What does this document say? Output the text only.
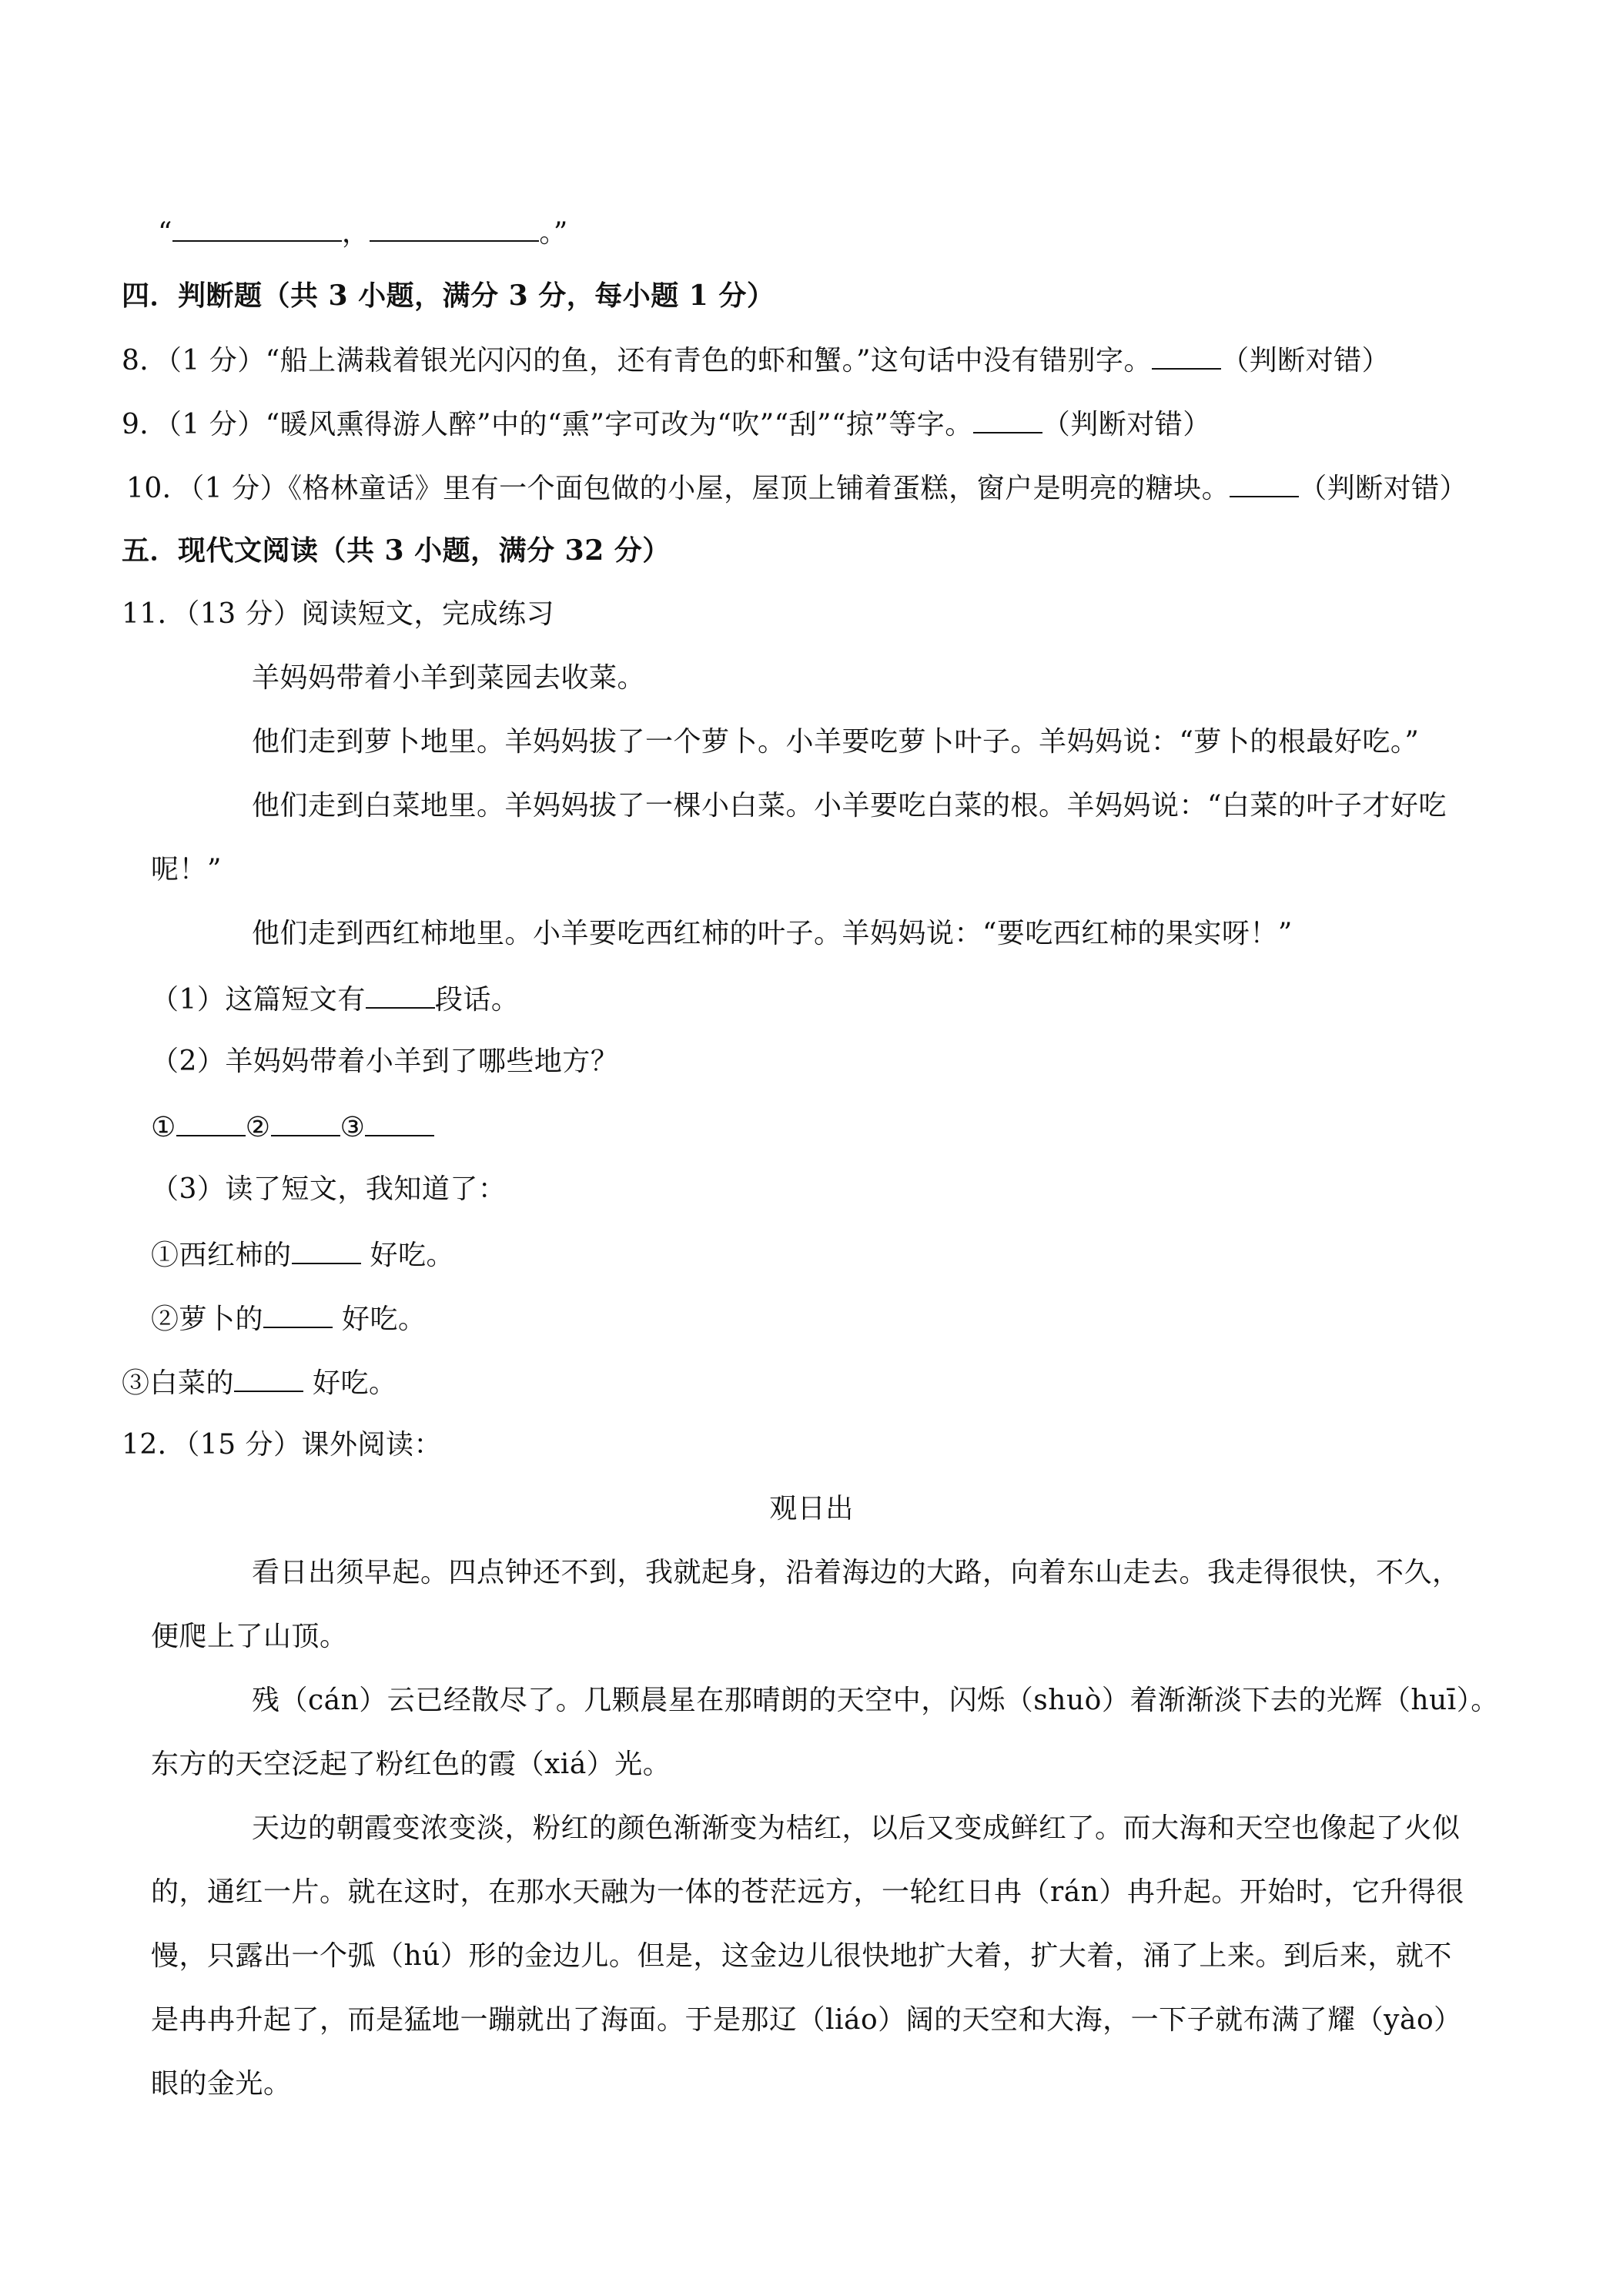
“	，	。”
四．判断题（共 3 小题，满分 3 分，每小题 1 分）
8．（1 分）“船上满栽着银光闪闪的鱼，还有青色的虾和蟹。”这句话中没有错别字。	（判断对错）
9．（1 分）“暖风熏得游人醉”中的“熏”字可改为“吹”“刮”“掠”等字。	（判断对错）
10．（1 分）《格林童话》里有一个面包做的小屋，屋顶上铺着蛋糕，窗户是明亮的糖块。	（判断对错）
五．现代文阅读（共 3 小题，满分 32 分）
11．（13 分）阅读短文，完成练习
羊妈妈带着小羊到菜园去收菜。
他们走到萝卜地里。羊妈妈拔了一个萝卜。小羊要吃萝卜叶子。羊妈妈说：“萝卜的根最好吃。”
他们走到白菜地里。羊妈妈拔了一棵小白菜。小羊要吃白菜的根。羊妈妈说：“白菜的叶子才好吃
呢！”
他们走到西红柿地里。小羊要吃西红柿的叶子。羊妈妈说：“要吃西红柿的果实呀！”
（1）这篇短文有	段话。
（2）羊妈妈带着小羊到了哪些地方？
①	②	③
（3）读了短文，我知道了：
①西红柿的	好吃。
②萝卜的	好吃。
③白菜的	好吃。
12．（15 分）课外阅读：
观日出
看日出须早起。四点钟还不到，我就起身，沿着海边的大路，向着东山走去。我走得很快，不久，
便爬上了山顶。
残（cán）云已经散尽了。几颗晨星在那晴朗的天空中，闪烁（shuò）着渐渐淡下去的光辉（huī）。
东方的天空泛起了粉红色的霞（xiá）光。
天边的朝霞变浓变淡，粉红的颜色渐渐变为桔红，以后又变成鲜红了。而大海和天空也像起了火似
的，通红一片。就在这时，在那水天融为一体的苍茫远方，一轮红日冉（rán）冉升起。开始时，它升得很
慢，只露出一个弧（hú）形的金边儿。但是，这金边儿很快地扩大着，扩大着，涌了上来。到后来，就不
是冉冉升起了，而是猛地一蹦就出了海面。于是那辽（liáo）阔的天空和大海，一下子就布满了耀（yào）
眼的金光。
